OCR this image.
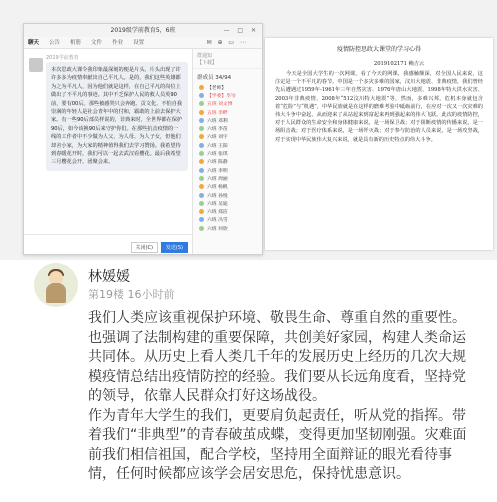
2019级学前教育5，6班	— □ ✕
聊天 公告 相册 文件 作业 设置	✉ ⊕ ▭ ⋯
2019学前教育
本次思政大课令我印象最深刻的便是片头。片头出现了许许多多为疫情奉献出自己平凡人。是的，我们这些英雄都为之为平凡人，因为他们就是这样，在自己平凡的岗位上做出了不平凡的事迹。其中不乏保护人民的救人员英90前，要有00后。那些被感哭只会奔跑、贡文化、不怕自我崇满的年轻人是社会青年中的付和，霸敢的上前去保护大家。有一些90后部员样说的，非典来时，全世界都在保护90后，如今该换90后来守护你们。在那些抗击疫情的一线的工作者中不少做为人父、为人母、为人子女，但他们却舍小家，为大家的精神值得我们去学习赞扬。我希望待到春暖花开时，我们可以一起去武汉看樱花。最后我希望三月樱花会开，团聚会来。
关闭(C)	发送(S)
群通知
【下载】
群成员 34/94
【老师】
【学委】毕岑
五班 刘文博
五班 李畔
六班 邓利
六班 李苗
六班 刘宇
六班 王阳
六班 张琪
六班 陈静
六班 李明
六班 周丽
六班 杨帆
六班 孙悦
六班 吴迪
六班 郑洁
六班 冯雪
六班 何欣
疫情防控思政大课堂的学习心得
2019102171 赖吉云
今天是全国大学生的一次网课，看了今天的网课，我感触颇深，对全国人民来说，这注定是一个不平凡的春节。中国是一个多灾多难的国家，汶川大地震、非典疫情，我们曾经先后遭遇过1959年-1961年三年自然灾害、1976年唐山大地震、1998年特大洪水灾害、2003年非典疫情、2008年“512汶川特大地震”等，然而，多难兴邦，危机本身就包含着“危险”与“机遇”，中华民族就是在这样的磨难考验中砥砺前行，在应对一次又一次灾难的伟大斗争中奋起，从而迎来了从站起来到富起来再到强起来的伟大飞跃。此次的疫情防控，对于人民群众的生命安全和身体健康来说，是一场保卫战；对于阻断疫情的传播来说，是一场阻击战；对于医疗体系来说，是一场歼灭战；对于参与防治的人员来说，是一场攻坚战，对于实现中华民族伟大复兴来说，就是具有新的历史特点的伟大斗争。
林媛媛
第19楼 16小时前

我们人类应该重视保护环境、敬畏生命、尊重自然的重要性。也强调了法制构建的重要保障，共创美好家园，构建人类命运共同体。从历史上看人类几千年的发展历史上经历的几次大规模疫情总结出疫情防控的经验。我们要从长远角度看，坚持党的领导，依靠人民群众打好这场战役。

作为青年大学生的我们，更要肩负起责任，听从党的指挥。带着我们“非典型”的青春破茧成蝶，变得更加坚韧刚强。灾难面前我们相信祖国，配合学校，坚持用全面辩证的眼光看待事情，任何时候都应该学会居安思危，保持忧患意识。
